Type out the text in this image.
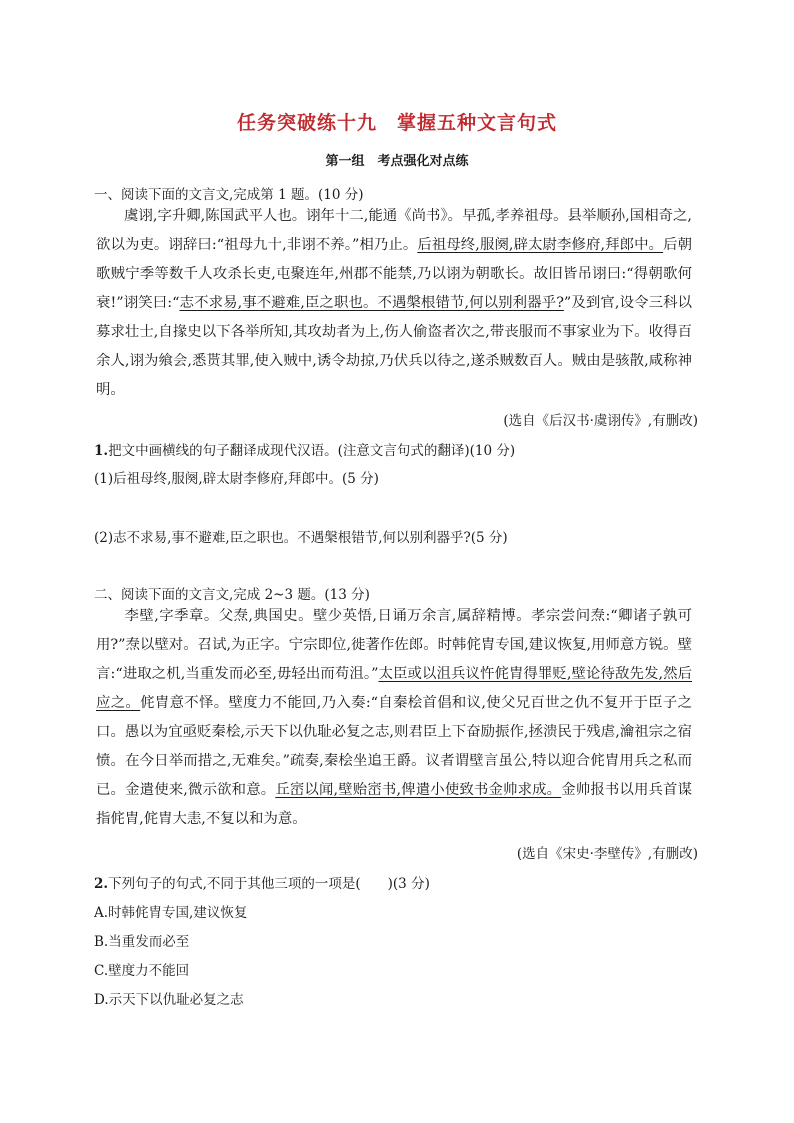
任务突破练十九　掌握五种文言句式
第一组　考点强化对点练
一、阅读下面的文言文,完成第 1 题。(10 分)

虞诩,字升卿,陈国武平人也。诩年十二,能通《尚书》。早孤,孝养祖母。县举顺孙,国相奇之,欲以为吏。诩辞曰:“祖母九十,非诩不养。”相乃止。后祖母终,服阕,辟太尉李修府,拜郎中。后朝歌贼宁季等数千人攻杀长吏,屯聚连年,州郡不能禁,乃以诩为朝歌长。故旧皆吊诩曰:“得朝歌何衰!”诩笑曰:“志不求易,事不避难,臣之职也。不遇槃根错节,何以别利器乎?”及到官,设令三科以募求壮士,自掾史以下各举所知,其攻劫者为上,伤人偷盗者次之,带丧服而不事家业为下。收得百余人,诩为飨会,悉贳其罪,使入贼中,诱令劫掠,乃伏兵以待之,遂杀贼数百人。贼由是骇散,咸称神明。

(选自《后汉书·虞诩传》,有删改)
1.把文中画横线的句子翻译成现代汉语。(注意文言句式的翻译)(10 分)
(1)后祖母终,服阕,辟太尉李修府,拜郎中。(5 分)
(2)志不求易,事不避难,臣之职也。不遇槃根错节,何以别利器乎?(5 分)
二、阅读下面的文言文,完成 2~3 题。(13 分)

李壁,字季章。父焘,典国史。壁少英悟,日诵万余言,属辞精博。孝宗尝问焘:“卿诸子孰可用?”焘以壁对。召试,为正字。宁宗即位,徙著作佐郎。时韩侂胄专国,建议恢复,用师意方锐。壁言:“进取之机,当重发而必至,毋轻出而苟沮。”太臣或以沮兵议忤侂胄得罪贬,壁论待敌先发,然后应之。侂胄意不怿。壁度力不能回,乃入奏:“自秦桧首倡和议,使父兄百世之仇不复开于臣子之口。愚以为宜亟贬秦桧,示天下以仇耻必复之志,则君臣上下奋励振作,拯溃民于残虐,瀹祖宗之宿愤。在今日举而措之,无难矣。”疏奏,秦桧坐追王爵。议者谓壁言虽公,特以迎合侂胄用兵之私而已。金遣使来,微示欲和意。丘崈以闻,壁贻崈书,俾遣小使致书金帅求成。金帅报书以用兵首谋指侂胄,侂胄大恚,不复以和为意。

(选自《宋史·李壁传》,有删改)
2.下列句子的句式,不同于其他三项的一项是(　　)(3 分)
A.时韩侂胄专国,建议恢复
B.当重发而必至
C.壁度力不能回
D.示天下以仇耻必复之志
